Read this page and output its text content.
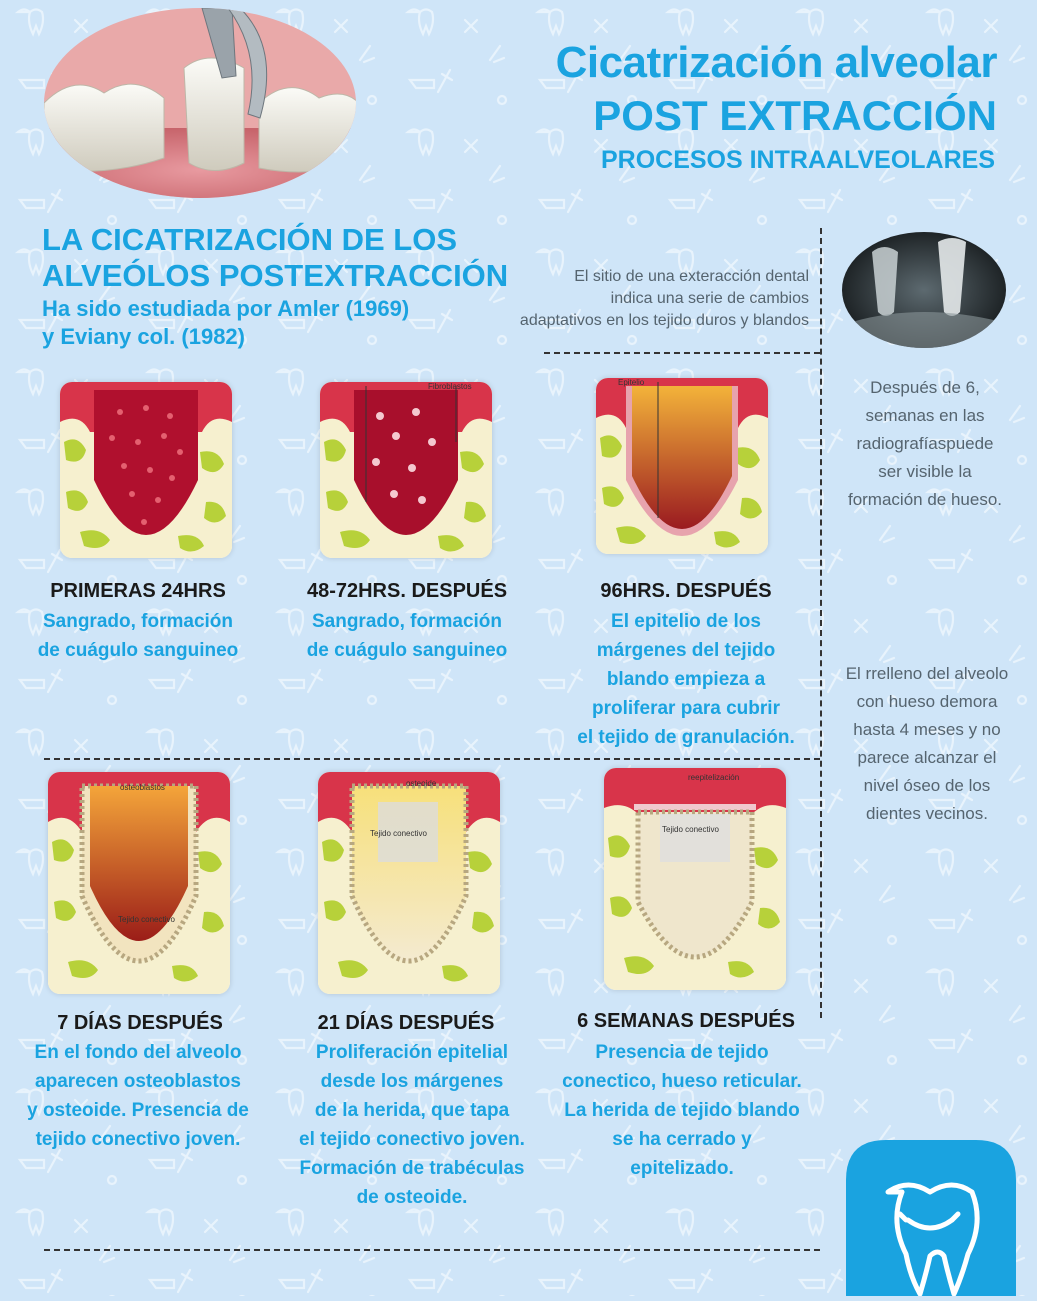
Cicatrización alveolar
POST EXTRACCIÓN
PROCESOS INTRAALVEOLARES
LA CICATRIZACIÓN DE LOS
ALVEÓLOS POSTEXTRACCIÓN
Ha sido estudiada por Amler (1969)
y Eviany col. (1982)
El sitio de una exteracción dental
indica una serie de cambios
adaptativos en los tejido duros y blandos
Después de 6,
semanas en las
radiografíaspuede
ser visible la
formación de hueso.
El rrelleno del alveolo
con hueso demora
hasta 4 meses y no
parece alcanzar el
nivel óseo de los
dientes vecinos.
Fibroblastos	Epitelio
PRIMERAS 24HRS
Sangrado, formación
de cuágulo sanguineo
48-72HRS. DESPUÉS
Sangrado, formación
de cuágulo sanguineo
96HRS. DESPUÉS
El epitelio de los
márgenes del tejido
blando empieza a
proliferar para cubrir
el tejido de granulación.
osteoblastos
Tejido conectivo
osteoide
Tejido conectivo
reepitelización
Tejido conectivo
7 DÍAS DESPUÉS
En el fondo del alveolo
aparecen osteoblastos
y osteoide. Presencia de
tejido conectivo joven.
21 DÍAS DESPUÉS
Proliferación epitelial
desde los márgenes
de la herida, que tapa
el tejido conectivo joven.
Formación de trabéculas
de osteoide.
6 SEMANAS DESPUÉS
Presencia de tejido
conectico, hueso reticular.
La herida de tejido blando
se ha cerrado y
epitelizado.
